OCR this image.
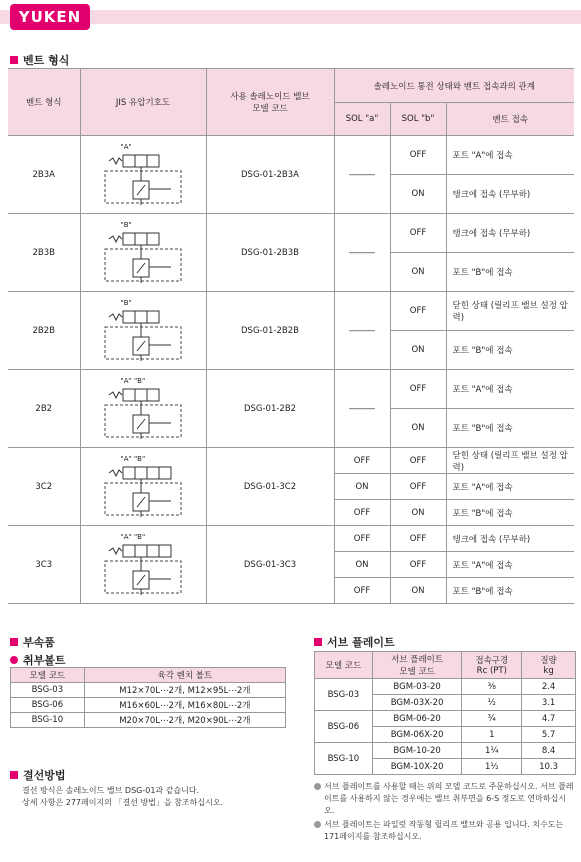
YUKEN
벤트 형식
벤트 형식	JIS 유압기호도	사용 솔레노이드 밸브
모델 코드	솔레노이드 통전 상태와 벤트 접속과의 관계		
			SOL "a"	SOL "b"	벤트 접속
2B3A	"A"	DSG-01-2B3A	―――	OFF	포트 "A"에 접속
				ON	탱크에 접속 (무부하)
2B3B	"B"	DSG-01-2B3B	―――	OFF	탱크에 접속 (무부하)
				ON	포트 "B"에 접속
2B2B	"B"	DSG-01-2B2B	―――	OFF	닫힌 상태 (릴리프 밸브 설정 압력)
				ON	포트 "B"에 접속
2B2	"A" "B"	DSG-01-2B2	―――	OFF	포트 "A"에 접속
				ON	포트 "B"에 접속
3C2	"A" "B"	DSG-01-3C2	OFF	OFF	닫힌 상태 (릴리프 밸브 설정 압력)
			ON	OFF	포트 "A"에 접속
			OFF	ON	포트 "B"에 접속
3C3	"A" "B"	DSG-01-3C3	OFF	OFF	탱크에 접속 (무부하)
			ON	OFF	포트 "A"에 접속
			OFF	ON	포트 "B"에 접속
부속품
취부볼트
모델 코드	육각 렌치 볼트
BSG-03	M12×70L⋯2개, M12×95L⋯2개
BSG-06	M16×60L⋯2개, M16×80L⋯2개
BSG-10	M20×70L⋯2개, M20×90L⋯2개
결선방법
결선 방식은 솔레노이드 밸브 DSG-01과 같습니다.
상세 사항은 277페이지의 「결선 방법」을 참조하십시오.
서브 플레이트
모델 코드	서브 플레이트
모델 코드	접속구경
Rc (PT)	질량
kg
BSG-03	BGM-03-20	⅜	2.4
	BGM-03X-20	½	3.1
BSG-06	BGM-06-20	¾	4.7
	BGM-06X-20	1	5.7
BSG-10	BGM-10-20	1¼	8.4
	BGM-10X-20	1½	10.3
서브 플레이트를 사용할 때는 위의 모델 코드로 주문하십시오. 서브 플레이트를 사용하지 않는 경우에는 밸브 취부면을 6-S 정도로 연마하십시오.
서브 플레이트는 파일럿 작동형 릴리프 밸브와 공용 입니다. 치수도는 171페이지를 참조하십시오.
